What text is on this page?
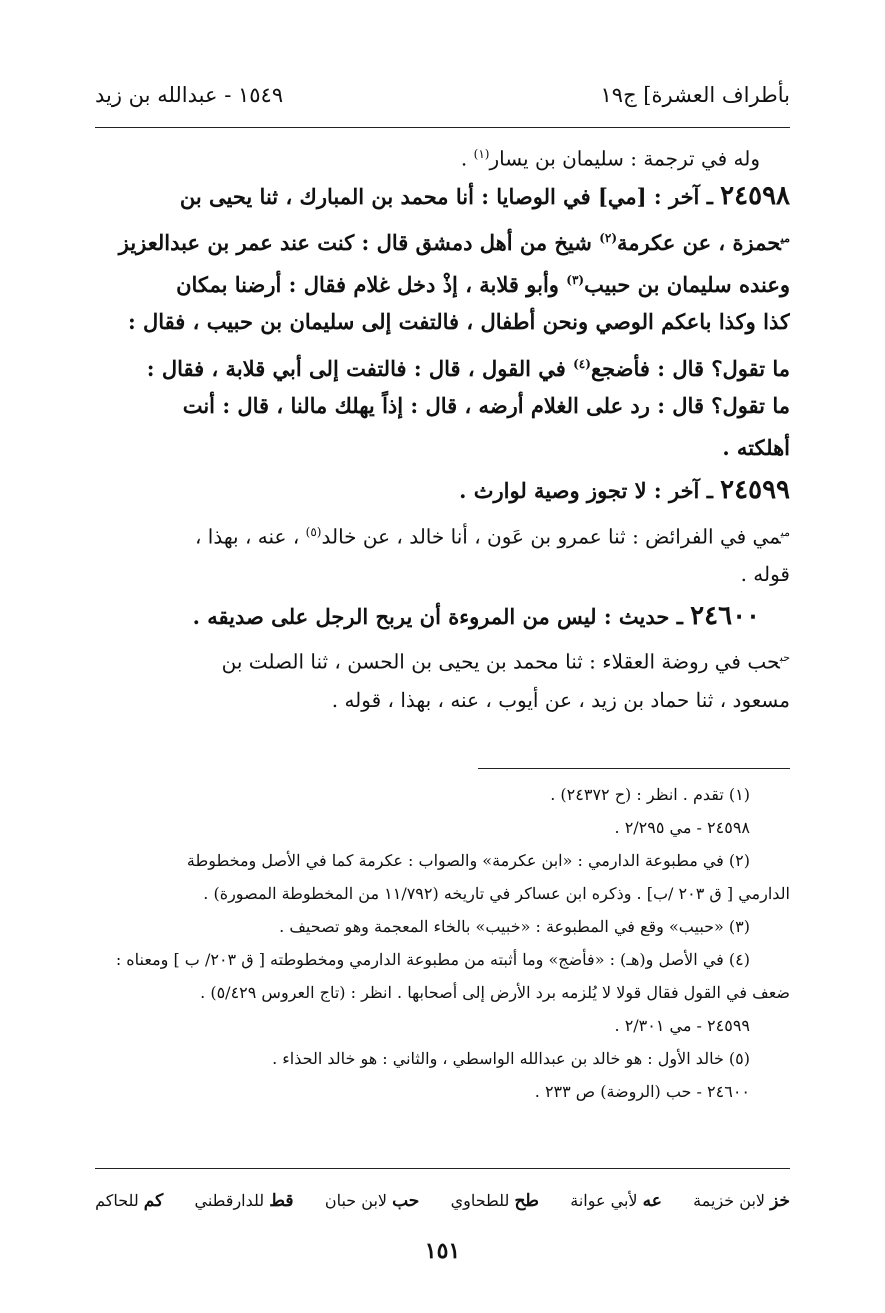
بأطراف العشرة] ج١٩
١٥٤٩ - عبدالله بن زيد
وله في ترجمة : سليمان بن يسار$^{(١)}$ .
٢٤٥٩٨ ـ آخر : [مي] في الوصايا : أنا محمد بن المبارك ، ثنا يحيى بن
$^{مي}$حمزة ، عن عكرمة$^{(٢)}$ شيخ من أهل دمشق قال : كنت عند عمر بن عبدالعزيز
وعنده سليمان بن حبيب$^{(٣)}$ وأبو قلابة ، إذْ دخل غلام فقال : أرضنا بمكان
كذا وكذا باعكم الوصي ونحن أطفال ، فالتفت إلى سليمان بن حبيب ، فقال :
ما تقول؟ قال : فأضجع$^{(٤)}$ في القول ، قال : فالتفت إلى أبي قلابة ، فقال :
ما تقول؟ قال : رد على الغلام أرضه ، قال : إذاً يهلك مالنا ، قال : أنت
أهلكته .
٢٤٥٩٩ ـ آخر : لا تجوز وصية لوارث .
$^{مي}$مي في الفرائض : ثنا عمرو بن عَون ، أنا خالد ، عن خالد$^{(٥)}$ ، عنه ، بهذا ،
قوله .
٢٤٦٠٠ ـ حديث : ليس من المروءة أن يربح الرجل على صديقه .
$^{حب}$حب في روضة العقلاء : ثنا محمد بن يحيى بن الحسن ، ثنا الصلت بن
مسعود ، ثنا حماد بن زيد ، عن أيوب ، عنه ، بهذا ، قوله .
(١) تقدم . انظر : (ح ٢٤٣٧٢) .
٢٤٥٩٨ - مي ٢/٢٩٥ .
(٢) في مطبوعة الدارمي : «ابن عكرمة» والصواب : عكرمة كما في الأصل ومخطوطة
الدارمي [ ق ٢٠٣ /ب] . وذكره ابن عساكر في تاريخه (١١/٧٩٢ من المخطوطة المصورة) .
(٣) «حبيب» وقع في المطبوعة : «خبيب» بالخاء المعجمة وهو تصحيف .
(٤) في الأصل و(هـ) : «فأضج» وما أثبته من مطبوعة الدارمي ومخطوطته [ ق ٢٠٣/ ب ] ومعناه :
ضعف في القول فقال قولا لا يُلزمه برد الأرض إلى أصحابها . انظر : (تاج العروس ٥/٤٢٩) .
٢٤٥٩٩ - مي ٢/٣٠١ .
(٥) خالد الأول : هو خالد بن عبدالله الواسطي ، والثاني : هو خالد الحذاء .
٢٤٦٠٠ - حب (الروضة) ص ٢٣٣ .
خز لابن خزيمة
عه لأبي عوانة
طح للطحاوي
حب لابن حبان
قط للدارقطني
كم للحاكم
١٥١
